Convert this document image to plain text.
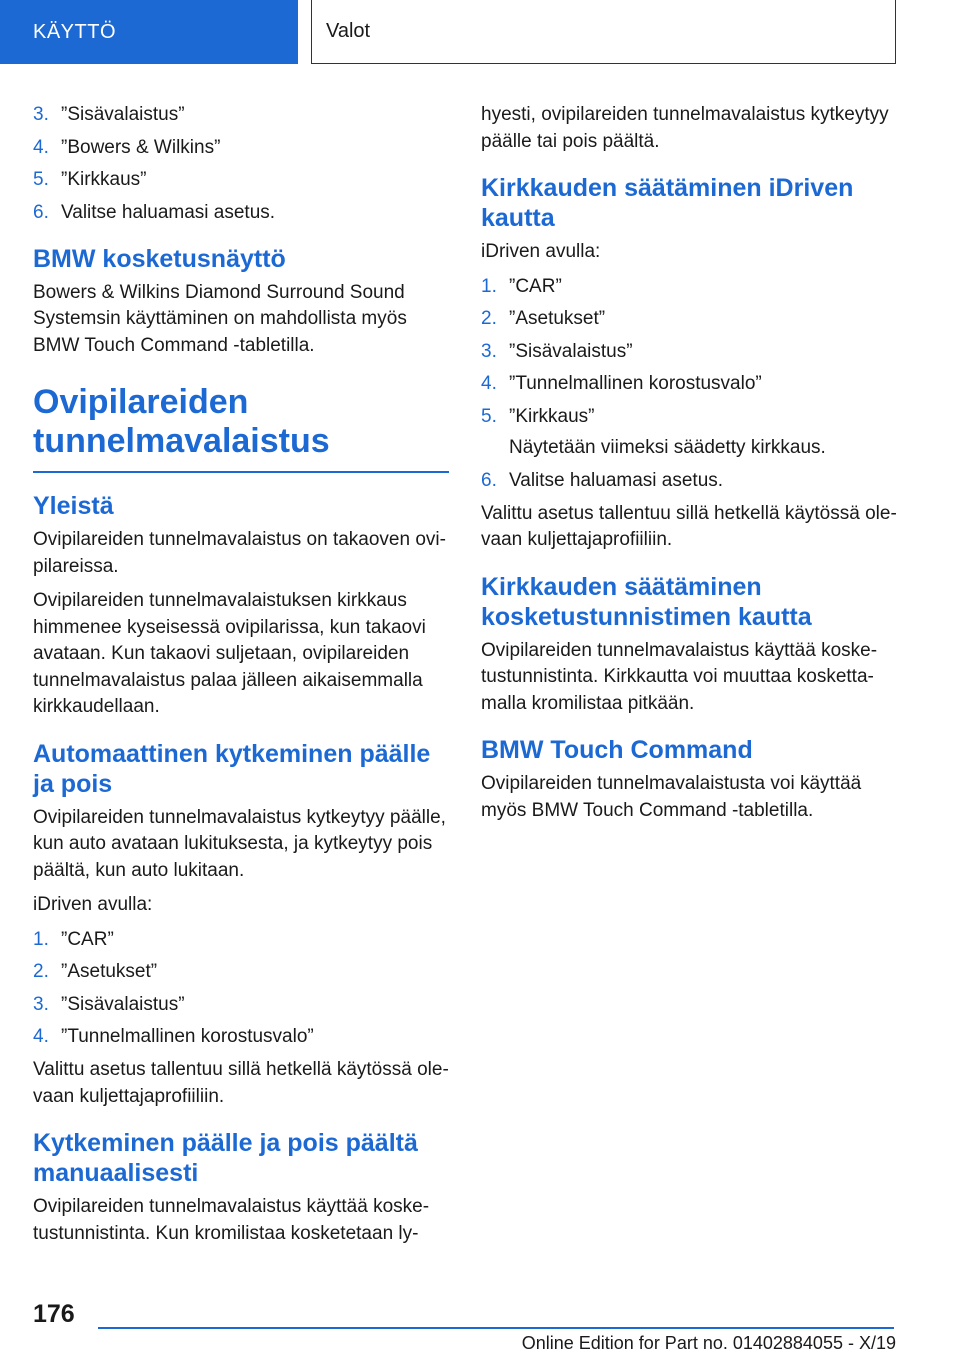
KÄYTTÖ	Valot
3. ”Sisävalaistus”
4. ”Bowers & Wilkins”
5. ”Kirkkaus”
6. Valitse haluamasi asetus.
BMW kosketusnäyttö

Bowers & Wilkins Diamond Surround Sound Systemsin käyttäminen on mahdollista myös BMW Touch Command -tabletilla.

Ovipilareiden tunnelmavalaistus
Yleistä

Ovipilareiden tunnelmavalaistus on takaoven ovipilareissa.

Ovipilareiden tunnelmavalaistuksen kirkkaus himmenee kyseisessä ovipilarissa, kun takaovi avataan. Kun takaovi suljetaan, ovipilareiden tunnelmavalaistus palaa jälleen aikaisemmalla kirkkaudellaan.

Automaattinen kytkeminen päälle ja pois

Ovipilareiden tunnelmavalaistus kytkeytyy päälle, kun auto avataan lukituksesta, ja kytkeytyy pois päältä, kun auto lukitaan.

iDriven avulla:

1. ”CAR”
2. ”Asetukset”
3. ”Sisävalaistus”
4. ”Tunnelmallinen korostusvalo”

Valittu asetus tallentuu sillä hetkellä käytössä olevaan kuljettajaprofiiliin.

Kytkeminen päälle ja pois päältä manuaalisesti

Ovipilareiden tunnelmavalaistus käyttää kosketustunnistinta. Kun kromilistaa kosketetaan ly-

hyesti, ovipilareiden tunnelmavalaistus kytkeytyy päälle tai pois päältä.

Kirkkauden säätäminen iDriven kautta

iDriven avulla:

1. ”CAR”
2. ”Asetukset”
3. ”Sisävalaistus”
4. ”Tunnelmallinen korostusvalo”
5. ”Kirkkaus”
Näytetään viimeksi säädetty kirkkaus.
6. Valitse haluamasi asetus.

Valittu asetus tallentuu sillä hetkellä käytössä olevaan kuljettajaprofiiliin.

Kirkkauden säätäminen kosketustunnistimen kautta

Ovipilareiden tunnelmavalaistus käyttää kosketustunnistinta. Kirkkautta voi muuttaa koskettamalla kromilistaa pitkään.

BMW Touch Command

Ovipilareiden tunnelmavalaistusta voi käyttää myös BMW Touch Command -tabletilla.

176
Online Edition for Part no. 01402884055 - X/19
